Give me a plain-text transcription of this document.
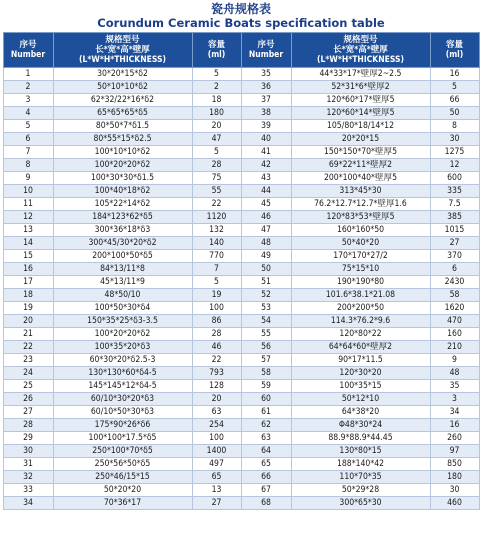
瓷舟规格表
Corundum Ceramic Boats specification table
序号
Number	规格型号
长*宽*高*壁厚
(L*W*H*THICKNESS)	容量
(ml)	序号
Number	规格型号
长*宽*高*壁厚
(L*W*H*THICKNESS)	容量
(ml)
1	30*20*15*δ2	5	35	44*33*17*壁厚2~2.5	16
2	50*10*10*δ2	2	36	52*31*6*壁厚2	5
3	62*32/22*16*δ2	18	37	120*60*17*壁厚5	66
4	65*65*65*δ5	180	38	120*60*14*壁厚5	50
5	80*50*7*δ1.5	20	39	105/80*18/14*12	8
6	80*55*15*δ2.5	47	40	20*20*15	30
7	100*10*10*δ2	5	41	150*150*70*壁厚5	1275
8	100*20*20*δ2	28	42	69*22*11*壁厚2	12
9	100*30*30*δ1.5	75	43	200*100*40*壁厚5	600
10	100*40*18*δ2	55	44	313*45*30	335
11	105*22*14*δ2	22	45	76.2*12.7*12.7*壁厚1.6	7.5
12	184*123*62*δ5	1120	46	120*83*53*壁厚5	385
13	300*36*18*δ3	132	47	160*160*50	1015
14	300*45/30*20*δ2	140	48	50*40*20	27
15	200*100*50*δ5	770	49	170*170*27/2	370
16	84*13/11*8	7	50	75*15*10	6
17	45*13/11*9	5	51	190*190*80	2430
18	48*50/10	19	52	101.6*38.1*21.08	58
19	100*50*30*δ4	100	53	200*200*50	1620
20	150*35*25*δ3-3.5	86	54	114.3*76.2*9.6	470
21	100*20*20*δ2	28	55	120*80*22	160
22	100*35*20*δ3	46	56	64*64*60*壁厚2	210
23	60*30*20*δ2.5-3	22	57	90*17*11.5	9
24	130*130*60*δ4-5	793	58	120*30*20	48
25	145*145*12*δ4-5	128	59	100*35*15	35
26	60/10*30*20*δ3	20	60	50*12*10	3
27	60/10*50*30*δ3	63	61	64*38*20	34
28	175*90*26*δ6	254	62	Φ48*30*24	16
29	100*100*17.5*δ5	100	63	88.9*88.9*44.45	260
30	250*100*70*δ5	1400	64	130*80*15	97
31	250*56*50*δ5	497	65	188*140*42	850
32	250*46/15*15	65	66	110*70*35	180
33	50*20*20	13	67	50*29*28	30
34	70*36*17	27	68	300*65*30	460
